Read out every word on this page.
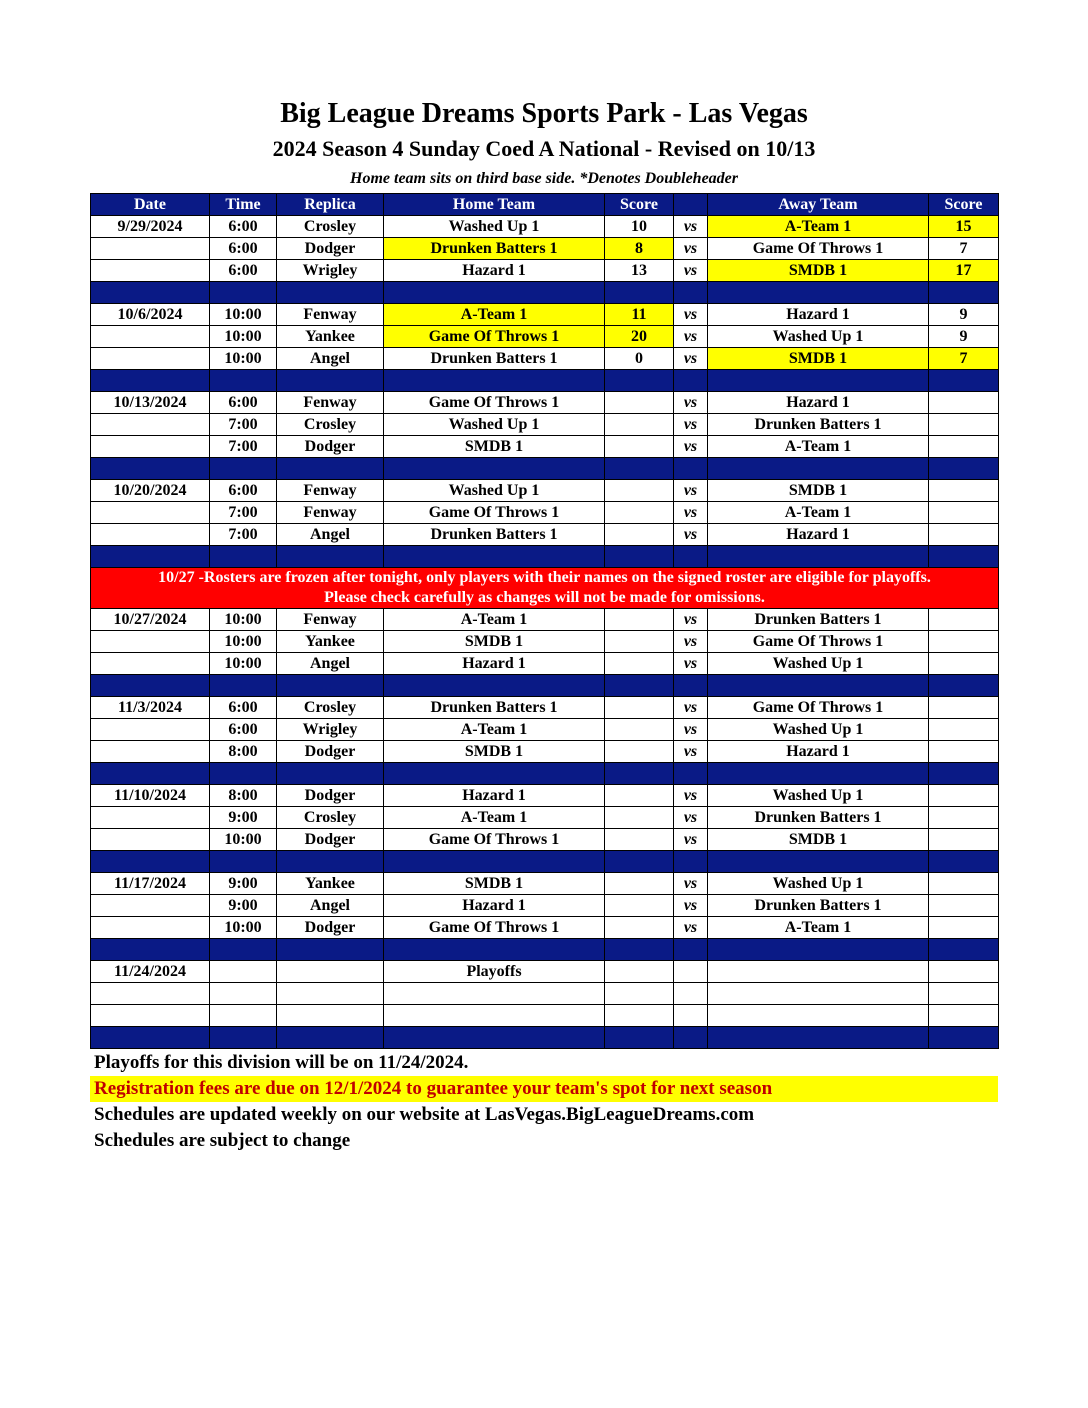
Big League Dreams Sports Park - Las Vegas
2024 Season 4 Sunday Coed A National - Revised on 10/13
Home team sits on third base side. *Denotes Doubleheader
Date	Time	Replica	Home Team	Score		Away Team	Score
9/29/2024	6:00	Crosley	Washed Up 1	10	vs	A-Team 1	15
	6:00	Dodger	Drunken Batters 1	8	vs	Game Of Throws 1	7
	6:00	Wrigley	Hazard 1	13	vs	SMDB 1	17

10/6/2024	10:00	Fenway	A-Team 1	11	vs	Hazard 1	9
	10:00	Yankee	Game Of Throws 1	20	vs	Washed Up 1	9
	10:00	Angel	Drunken Batters 1	0	vs	SMDB 1	7

10/13/2024	6:00	Fenway	Game Of Throws 1		vs	Hazard 1	
	7:00	Crosley	Washed Up 1		vs	Drunken Batters 1	
	7:00	Dodger	SMDB 1		vs	A-Team 1	

10/20/2024	6:00	Fenway	Washed Up 1		vs	SMDB 1	
	7:00	Fenway	Game Of Throws 1		vs	A-Team 1	
	7:00	Angel	Drunken Batters 1		vs	Hazard 1	

10/27 -Rosters are frozen after tonight, only players with their names on the signed roster are eligible for playoffs.
Please check carefully as changes will not be made for omissions.							

10/27/2024	10:00	Fenway	A-Team 1		vs	Drunken Batters 1	
	10:00	Yankee	SMDB 1		vs	Game Of Throws 1	
	10:00	Angel	Hazard 1		vs	Washed Up 1	

11/3/2024	6:00	Crosley	Drunken Batters 1		vs	Game Of Throws 1	
	6:00	Wrigley	A-Team 1		vs	Washed Up 1	
	8:00	Dodger	SMDB 1		vs	Hazard 1	

11/10/2024	8:00	Dodger	Hazard 1		vs	Washed Up 1	
	9:00	Crosley	A-Team 1		vs	Drunken Batters 1	
	10:00	Dodger	Game Of Throws 1		vs	SMDB 1	

11/17/2024	9:00	Yankee	SMDB 1		vs	Washed Up 1	
	9:00	Angel	Hazard 1		vs	Drunken Batters 1	
	10:00	Dodger	Game Of Throws 1		vs	A-Team 1	

11/24/2024			Playoffs				

Playoffs for this division will be on 11/24/2024.
Registration fees are due on 12/1/2024 to guarantee your team's spot for next season
Schedules are updated weekly on our website at LasVegas.BigLeagueDreams.com
Schedules are subject to change
